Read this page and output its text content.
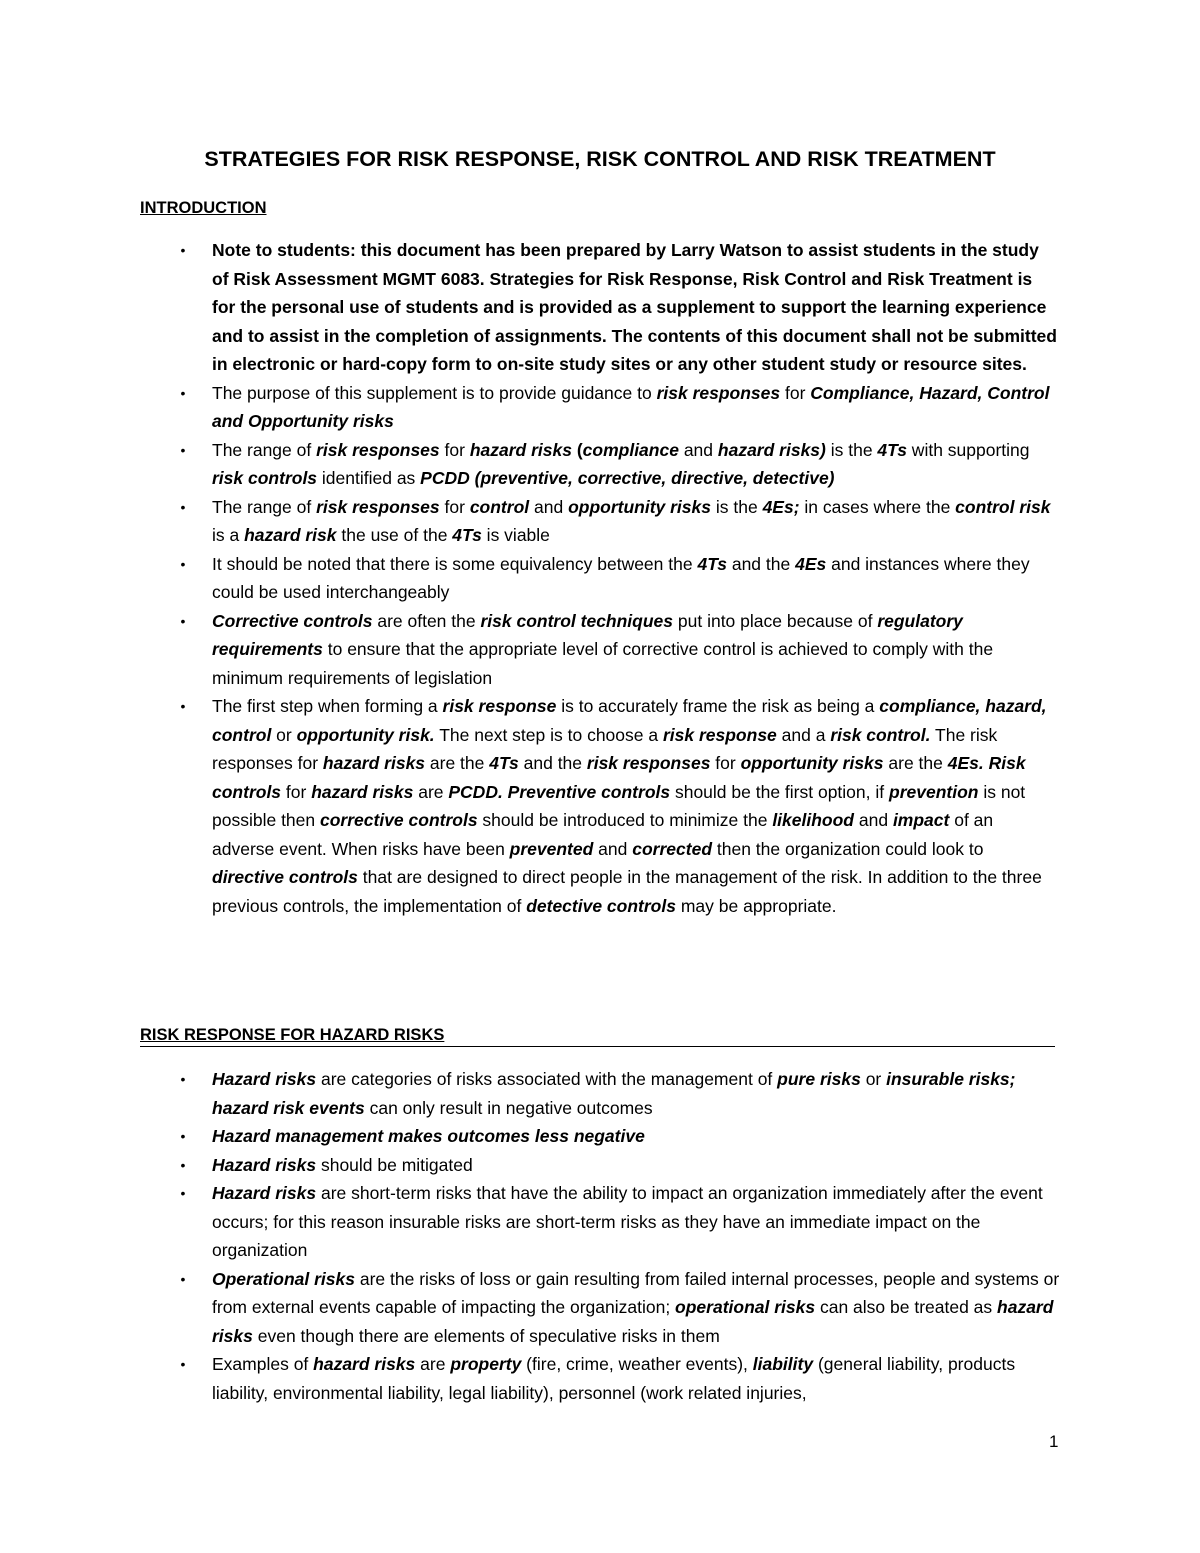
STRATEGIES FOR RISK RESPONSE, RISK CONTROL AND RISK TREATMENT
INTRODUCTION
• Note to students: this document has been prepared by Larry Watson to assist students in the study of Risk Assessment MGMT 6083. Strategies for Risk Response, Risk Control and Risk Treatment is for the personal use of students and is provided as a supplement to support the learning experience and to assist in the completion of assignments. The contents of this document shall not be submitted in electronic or hard-copy form to on-site study sites or any other student study or resource sites.
• The purpose of this supplement is to provide guidance to risk responses for Compliance, Hazard, Control and Opportunity risks
• The range of risk responses for hazard risks (compliance and hazard risks) is the 4Ts with supporting risk controls identified as PCDD (preventive, corrective, directive, detective)
• The range of risk responses for control and opportunity risks is the 4Es; in cases where the control risk is a hazard risk the use of the 4Ts is viable
• It should be noted that there is some equivalency between the 4Ts and the 4Es and instances where they could be used interchangeably
• Corrective controls are often the risk control techniques put into place because of regulatory requirements to ensure that the appropriate level of corrective control is achieved to comply with the minimum requirements of legislation
• The first step when forming a risk response is to accurately frame the risk as being a compliance, hazard, control or opportunity risk. The next step is to choose a risk response and a risk control. The risk responses for hazard risks are the 4Ts and the risk responses for opportunity risks are the 4Es. Risk controls for hazard risks are PCDD. Preventive controls should be the first option, if prevention is not possible then corrective controls should be introduced to minimize the likelihood and impact of an adverse event. When risks have been prevented and corrected then the organization could look to directive controls that are designed to direct people in the management of the risk. In addition to the three previous controls, the implementation of detective controls may be appropriate.
RISK RESPONSE FOR HAZARD RISKS
• Hazard risks are categories of risks associated with the management of pure risks or insurable risks; hazard risk events can only result in negative outcomes
• Hazard management makes outcomes less negative
• Hazard risks should be mitigated
• Hazard risks are short-term risks that have the ability to impact an organization immediately after the event occurs; for this reason insurable risks are short-term risks as they have an immediate impact on the organization
• Operational risks are the risks of loss or gain resulting from failed internal processes, people and systems or from external events capable of impacting the organization; operational risks can also be treated as hazard risks even though there are elements of speculative risks in them
• Examples of hazard risks are property (fire, crime, weather events), liability (general liability, products liability, environmental liability, legal liability), personnel (work related injuries,
1
